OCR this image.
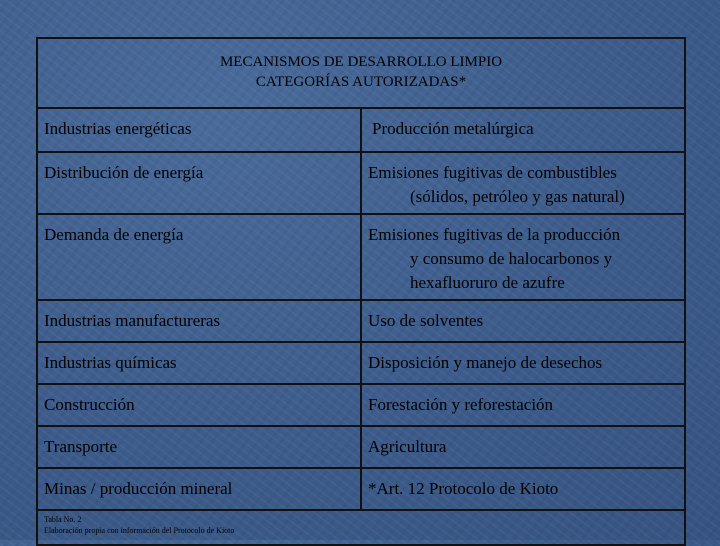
MECANISMOS DE DESARROLLO LIMPIO
CATEGORÍAS AUTORIZADAS*	

Industrias energéticas	Producción metalúrgica

Distribución de energía	Emisiones fugitivas de combustibles
(sólidos, petróleo y gas natural)

Demanda de energía	Emisiones fugitivas de la producción
y consumo de halocarbonos y
hexafluoruro de azufre

Industrias manufactureras	Uso de solventes

Industrias químicas	Disposición y manejo de desechos

Construcción	Forestación y reforestación

Transporte	Agricultura

Minas / producción mineral	*Art. 12 Protocolo de Kioto

Tabla No. 2
Elaboración propia con información del Protocolo de Kioto	
